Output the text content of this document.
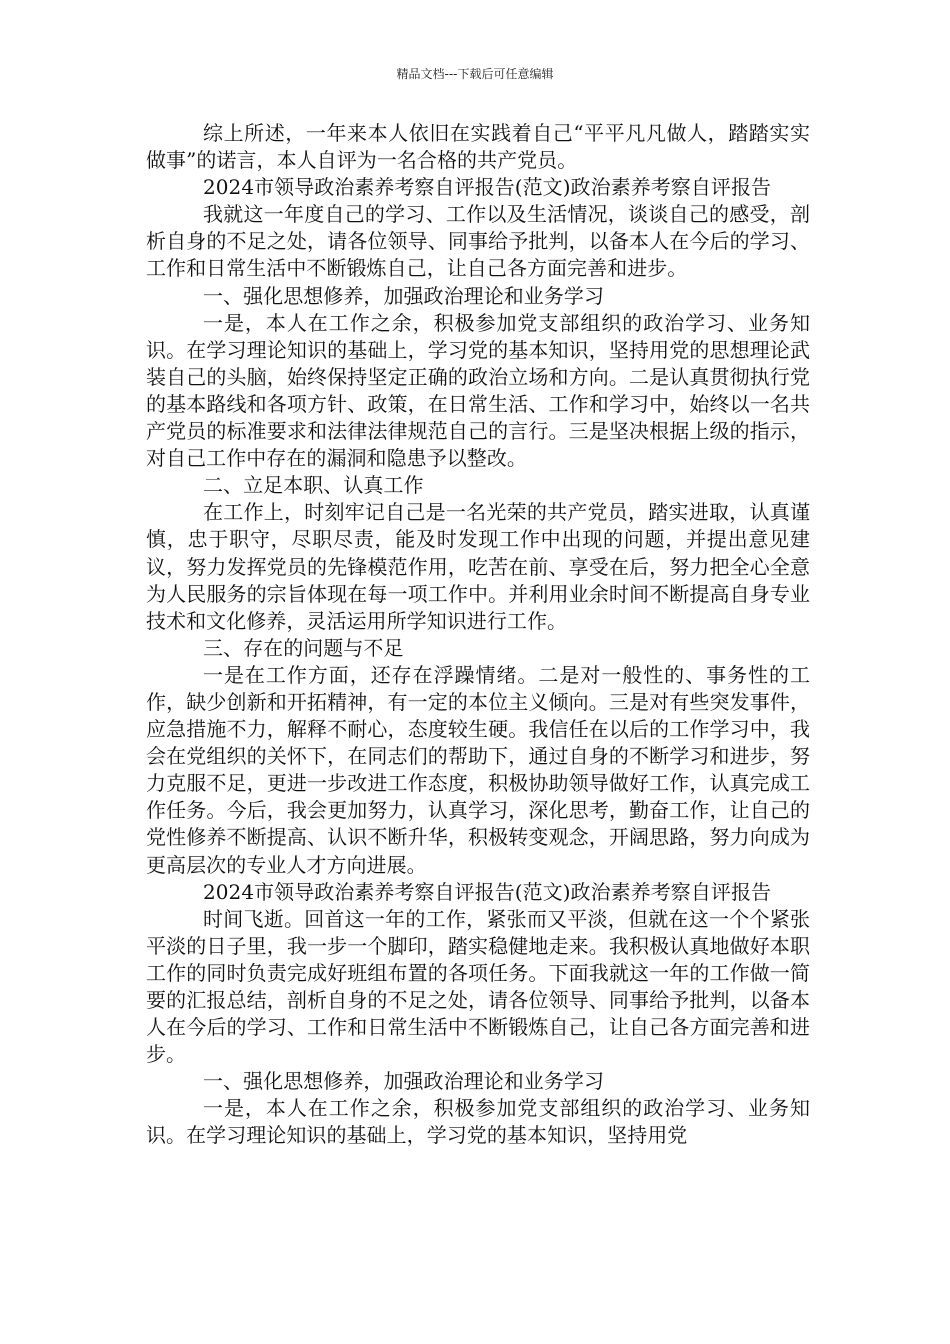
精品文档---下载后可任意编辑

综上所述，一年来本人依旧在实践着自己“平平凡凡做人，踏踏实实做事”的诺言，本人自评为一名合格的共产党员。

2024市领导政治素养考察自评报告(范文)政治素养考察自评报告

我就这一年度自己的学习、工作以及生活情况，谈谈自己的感受，剖析自身的不足之处，请各位领导、同事给予批判，以备本人在今后的学习、工作和日常生活中不断锻炼自己，让自己各方面完善和进步。

一、强化思想修养，加强政治理论和业务学习

一是，本人在工作之余，积极参加党支部组织的政治学习、业务知识。在学习理论知识的基础上，学习党的基本知识，坚持用党的思想理论武装自己的头脑，始终保持坚定正确的政治立场和方向。二是认真贯彻执行党的基本路线和各项方针、政策，在日常生活、工作和学习中，始终以一名共产党员的标准要求和法律法律规范自己的言行。三是坚决根据上级的指示，对自己工作中存在的漏洞和隐患予以整改。

二、立足本职、认真工作

在工作上，时刻牢记自己是一名光荣的共产党员，踏实进取，认真谨慎，忠于职守，尽职尽责，能及时发现工作中出现的问题，并提出意见建议，努力发挥党员的先锋模范作用，吃苦在前、享受在后，努力把全心全意为人民服务的宗旨体现在每一项工作中。并利用业余时间不断提高自身专业技术和文化修养，灵活运用所学知识进行工作。

三、存在的问题与不足

一是在工作方面，还存在浮躁情绪。二是对一般性的、事务性的工作，缺少创新和开拓精神，有一定的本位主义倾向。三是对有些突发事件，应急措施不力，解释不耐心，态度较生硬。我信任在以后的工作学习中，我会在党组织的关怀下，在同志们的帮助下，通过自身的不断学习和进步，努力克服不足，更进一步改进工作态度，积极协助领导做好工作，认真完成工作任务。今后，我会更加努力，认真学习，深化思考，勤奋工作，让自己的党性修养不断提高、认识不断升华，积极转变观念，开阔思路，努力向成为更高层次的专业人才方向进展。

2024市领导政治素养考察自评报告(范文)政治素养考察自评报告

时间飞逝。回首这一年的工作，紧张而又平淡，但就在这一个个紧张平淡的日子里，我一步一个脚印，踏实稳健地走来。我积极认真地做好本职工作的同时负责完成好班组布置的各项任务。下面我就这一年的工作做一简要的汇报总结，剖析自身的不足之处，请各位领导、同事给予批判，以备本人在今后的学习、工作和日常生活中不断锻炼自己，让自己各方面完善和进步。

一、强化思想修养，加强政治理论和业务学习

一是，本人在工作之余，积极参加党支部组织的政治学习、业务知识。在学习理论知识的基础上，学习党的基本知识，坚持用党
